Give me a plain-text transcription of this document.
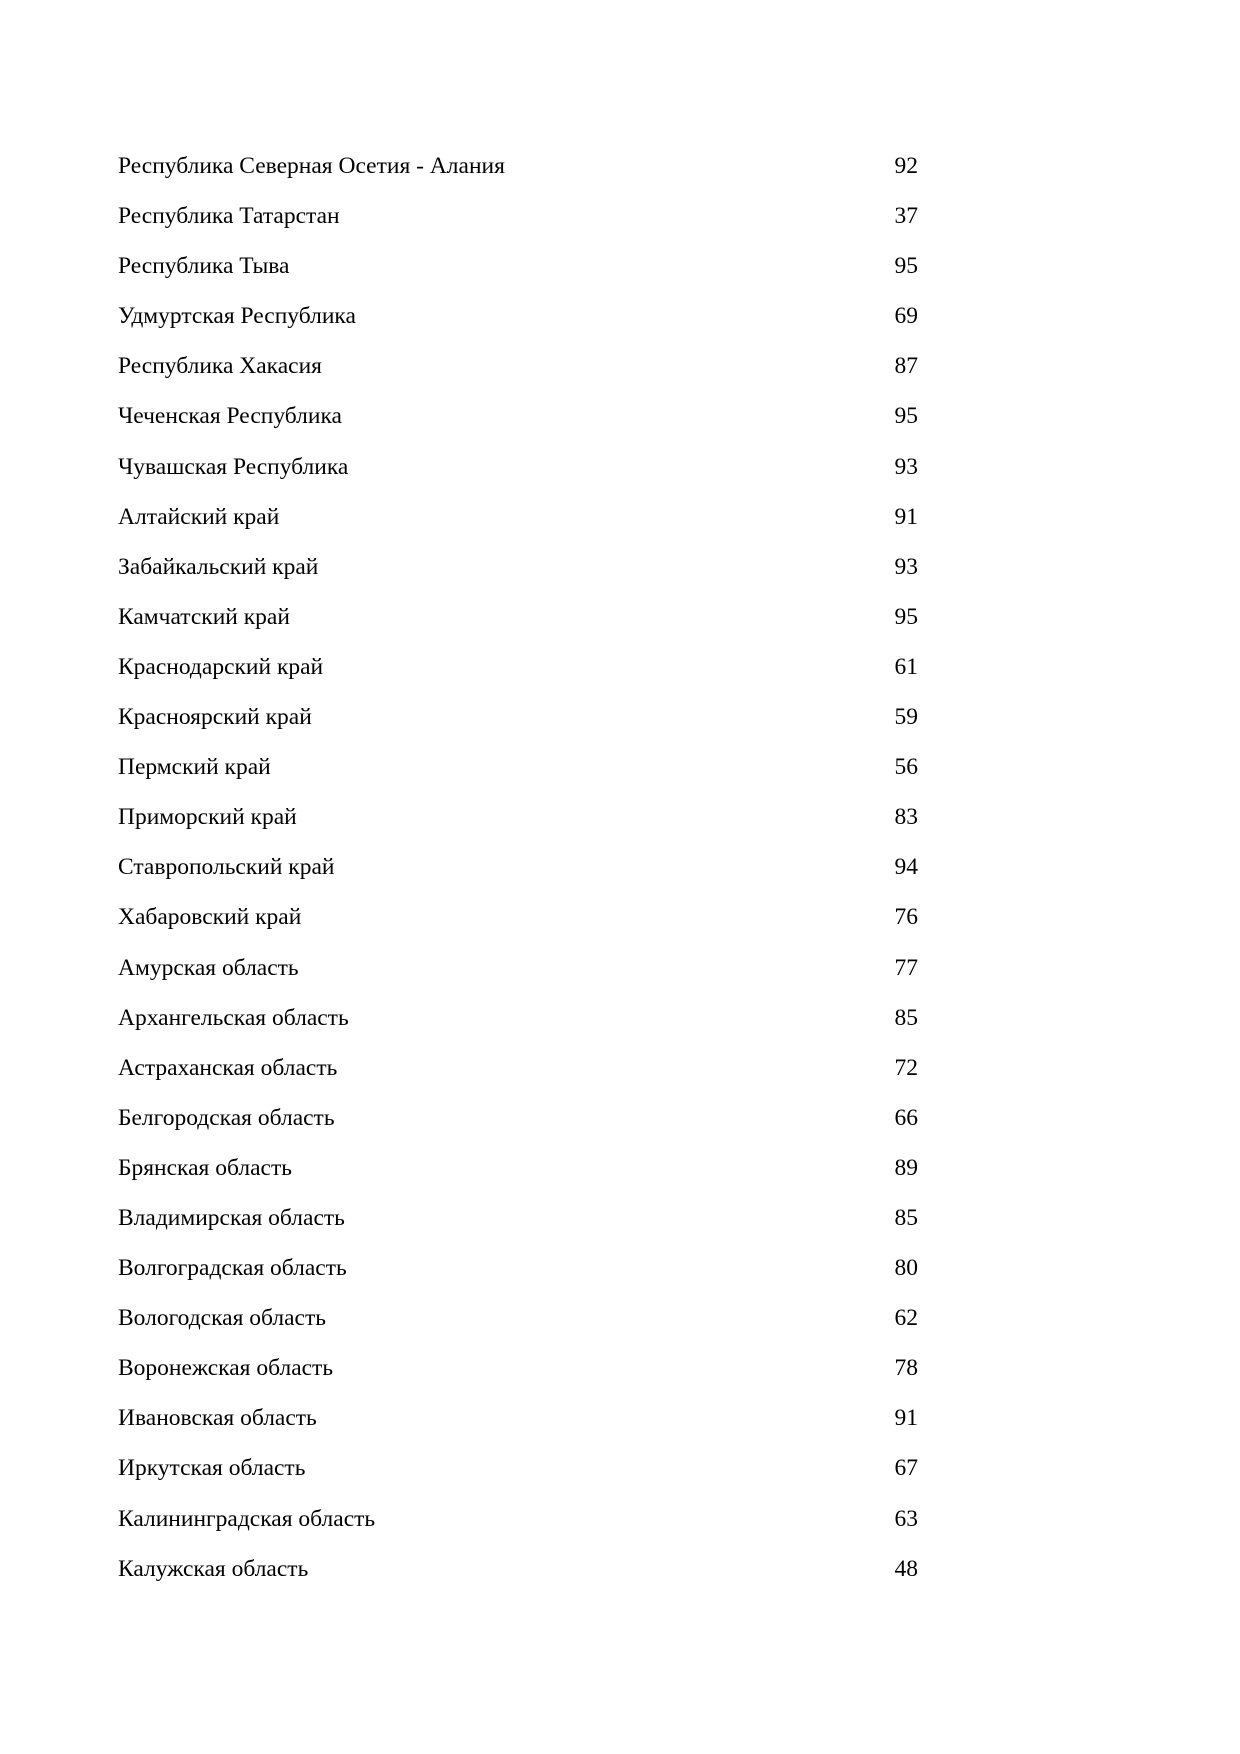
Республика Северная Осетия - Алания	92
Республика Татарстан	37
Республика Тыва	95
Удмуртская Республика	69
Республика Хакасия	87
Чеченская Республика	95
Чувашская Республика	93
Алтайский край	91
Забайкальский край	93
Камчатский край	95
Краснодарский край	61
Красноярский край	59
Пермский край	56
Приморский край	83
Ставропольский край	94
Хабаровский край	76
Амурская область	77
Архангельская область	85
Астраханская область	72
Белгородская область	66
Брянская область	89
Владимирская область	85
Волгоградская область	80
Вологодская область	62
Воронежская область	78
Ивановская область	91
Иркутская область	67
Калининградская область	63
Калужская область	48
